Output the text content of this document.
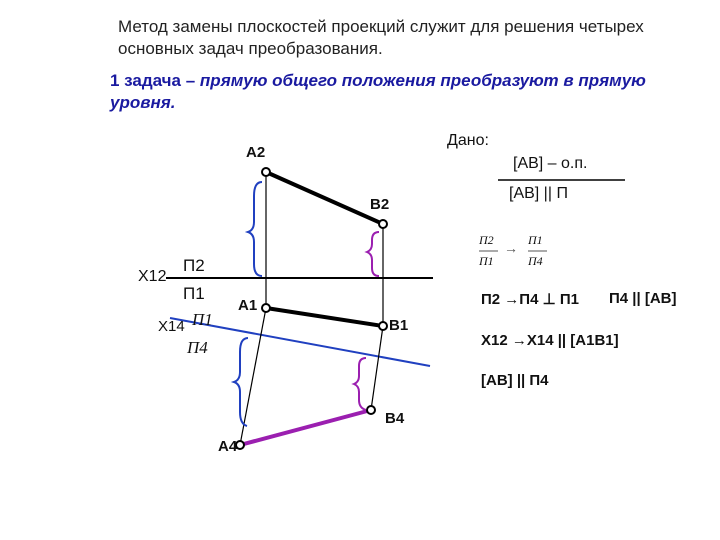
Метод замены плоскостей проекций служит для решения четырех
основных задач преобразования.
1 задача – прямую общего положения преобразуют в прямую
уровня.
A2
B2
A1
B1
A4
B4
X12
П2
П1
X14 П1
П4
Дано:
[AB] – о.п.
[AB] || П
П2
П1
→ П1
П4
П2 →П4 ⊥ П1 П4 || [AB]
X12 →X14 || [A1B1]
[AB] || П4
